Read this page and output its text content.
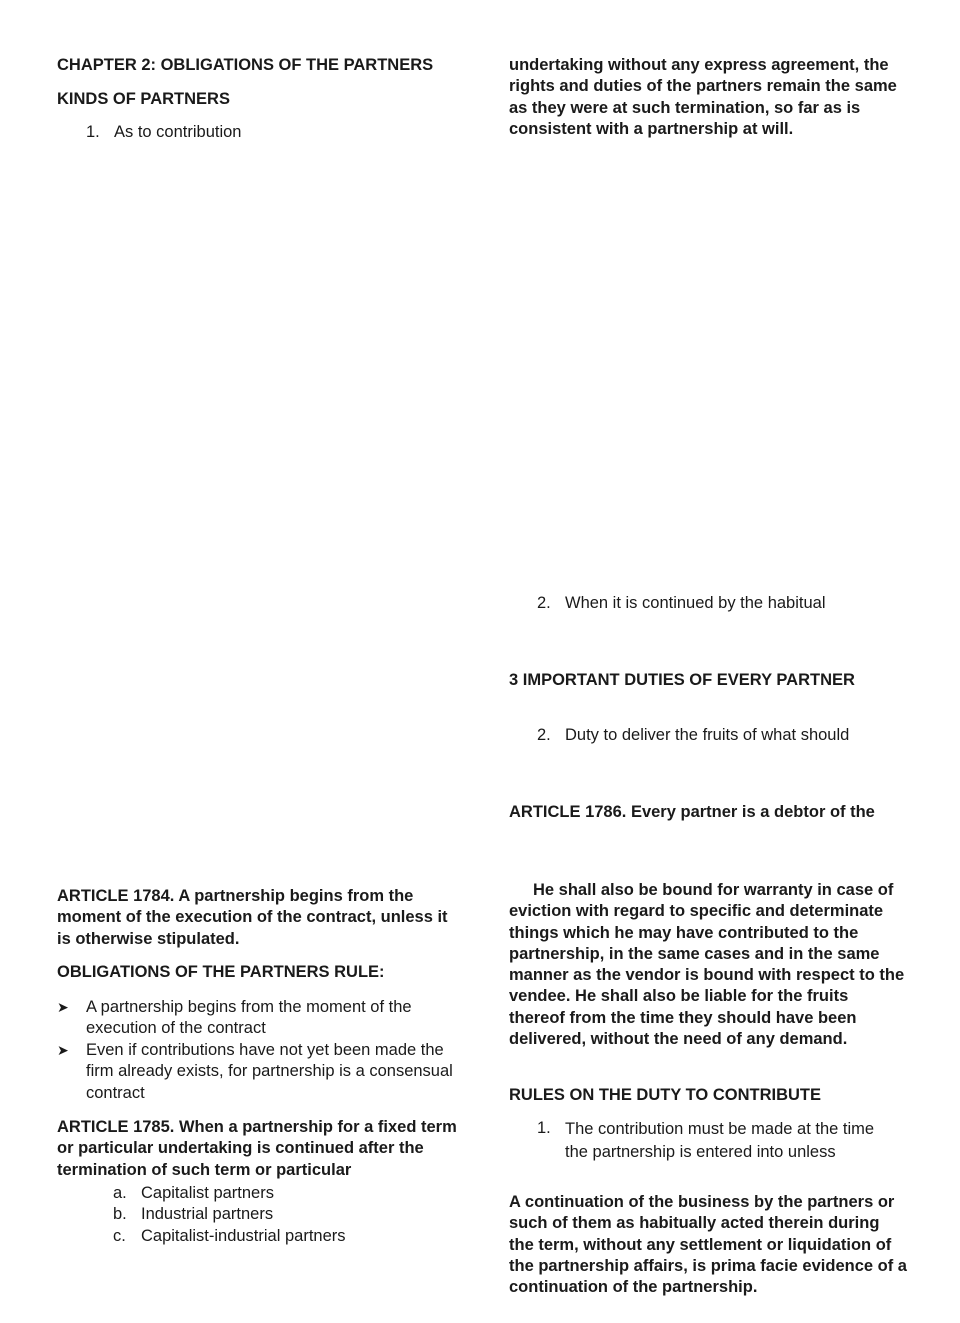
CHAPTER 2: OBLIGATIONS OF THE PARTNERS
KINDS OF PARTNERS
1. As to contribution
ARTICLE 1784. A partnership begins from the moment of the execution of the contract, unless it is otherwise stipulated.
OBLIGATIONS OF THE PARTNERS RULE:
➤ A partnership begins from the moment of the execution of the contract
➤ Even if contributions have not yet been made the firm already exists, for partnership is a consensual contract
ARTICLE 1785. When a partnership for a fixed term or particular undertaking is continued after the termination of such term or particular
a. Capitalist partners
b. Industrial partners
c. Capitalist-industrial partners
undertaking without any express agreement, the rights and duties of the partners remain the same as they were at such termination, so far as is consistent with a partnership at will.
2. When it is continued by the habitual
3 IMPORTANT DUTIES OF EVERY PARTNER
2. Duty to deliver the fruits of what should
ARTICLE 1786. Every partner is a debtor of the
He shall also be bound for warranty in case of eviction with regard to specific and determinate things which he may have contributed to the partnership, in the same cases and in the same manner as the vendor is bound with respect to the vendee. He shall also be liable for the fruits thereof from the time they should have been delivered, without the need of any demand.
RULES ON THE DUTY TO CONTRIBUTE
1. The contribution must be made at the time the partnership is entered into unless
A continuation of the business by the partners or such of them as habitually acted therein during the term, without any settlement or liquidation of the partnership affairs, is prima facie evidence of a continuation of the partnership.
